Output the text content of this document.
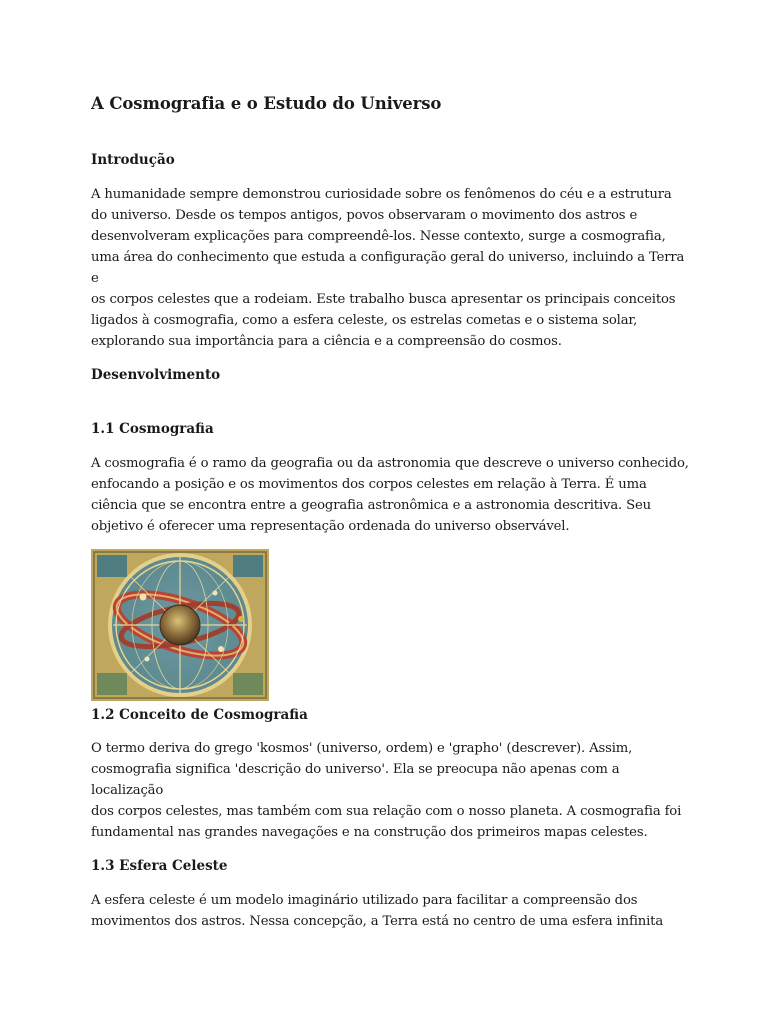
A Cosmografia e o Estudo do Universo
Introdução

A humanidade sempre demonstrou curiosidade sobre os fenômenos do céu e a estrutura

do universo. Desde os tempos antigos, povos observaram o movimento dos astros e

desenvolveram explicações para compreendê-los. Nesse contexto, surge a cosmografia,

uma área do conhecimento que estuda a configuração geral do universo, incluindo a Terra e

os corpos celestes que a rodeiam. Este trabalho busca apresentar os principais conceitos

ligados à cosmografia, como a esfera celeste, os estrelas cometas e o sistema solar,

explorando sua importância para a ciência e a compreensão do cosmos.

Desenvolvimento
1.1 Cosmografia

A cosmografia é o ramo da geografia ou da astronomia que descreve o universo conhecido,

enfocando a posição e os movimentos dos corpos celestes em relação à Terra. É uma

ciência que se encontra entre a geografia astronômica e a astronomia descritiva. Seu

objetivo é oferecer uma representação ordenada do universo observável.

1.2 Conceito de Cosmografia

O termo deriva do grego 'kosmos' (universo, ordem) e 'grapho' (descrever). Assim,

cosmografia significa 'descrição do universo'. Ela se preocupa não apenas com a localização

dos corpos celestes, mas também com sua relação com o nosso planeta. A cosmografia foi

fundamental nas grandes navegações e na construção dos primeiros mapas celestes.

1.3 Esfera Celeste

A esfera celeste é um modelo imaginário utilizado para facilitar a compreensão dos

movimentos dos astros. Nessa concepção, a Terra está no centro de uma esfera infinita
